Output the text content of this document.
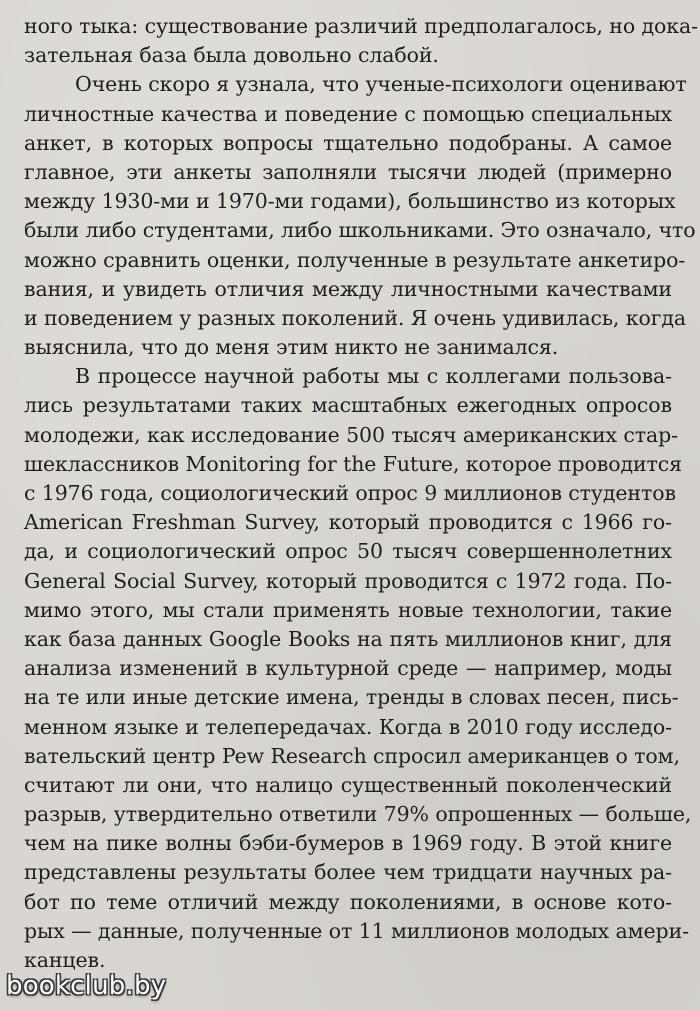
ного тыка: существование различий предполагалось, но дока-
зательная база была довольно слабой.
Очень скоро я узнала, что ученые-психологи оценивают
личностные качества и поведение с помощью специальных
анкет, в которых вопросы тщательно подобраны. А самое
главное, эти анкеты заполняли тысячи людей (примерно
между 1930-ми и 1970-ми годами), большинство из которых
были либо студентами, либо школьниками. Это означало, что
можно сравнить оценки, полученные в результате анкетиро-
вания, и увидеть отличия между личностными качествами
и поведением у разных поколений. Я очень удивилась, когда
выяснила, что до меня этим никто не занимался.
В процессе научной работы мы с коллегами пользова-
лись результатами таких масштабных ежегодных опросов
молодежи, как исследование 500 тысяч американских стар-
шеклассников Monitoring for the Future, которое проводится
с 1976 года, социологический опрос 9 миллионов студентов
American Freshman Survey, который проводится с 1966 го-
да, и социологический опрос 50 тысяч совершеннолетних
General Social Survey, который проводится с 1972 года. По-
мимо этого, мы стали применять новые технологии, такие
как база данных Google Books на пять миллионов книг, для
анализа изменений в культурной среде — например, моды
на те или иные детские имена, тренды в словах песен, пись-
менном языке и телепередачах. Когда в 2010 году исследо-
вательский центр Pew Research спросил американцев о том,
считают ли они, что налицо существенный поколенческий
разрыв, утвердительно ответили 79% опрошенных — больше,
чем на пике волны бэби-бумеров в 1969 году. В этой книге
представлены результаты более чем тридцати научных ра-
бот по теме отличий между поколениями, в основе кото-
рых — данные, полученные от 11 миллионов молодых амери-
канцев.
bookclub.by
